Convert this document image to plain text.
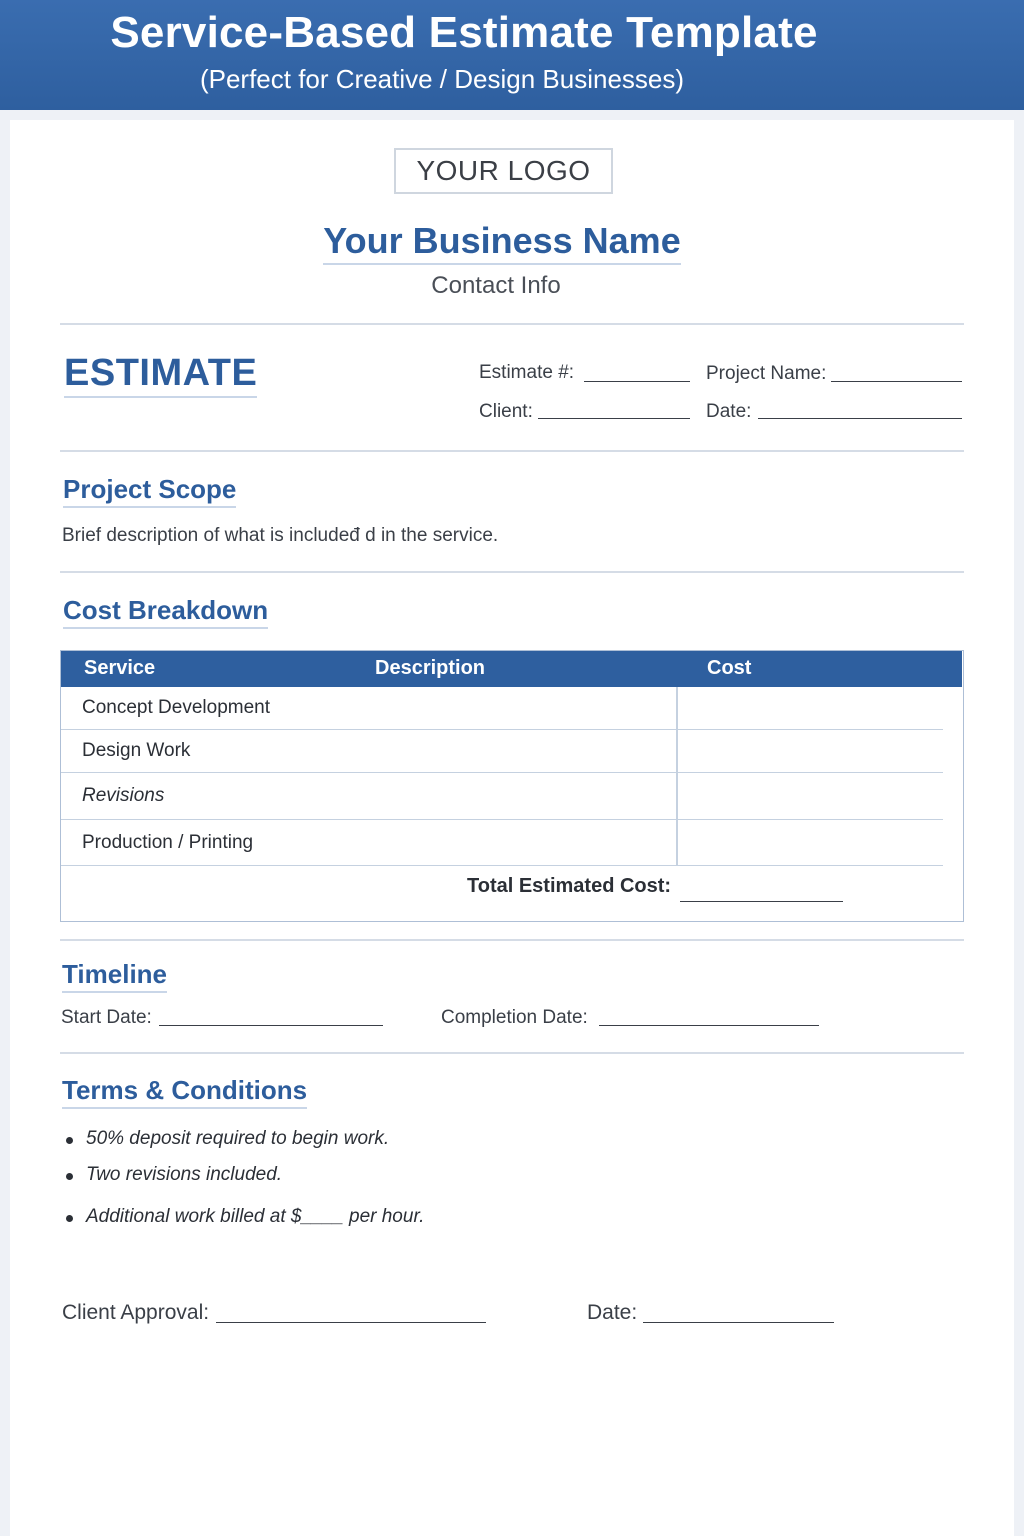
Service-Based Estimate Template
(Perfect for Creative / Design Businesses)
YOUR LOGO
Your Business Name
Contact Info
ESTIMATE	Estimate #:	Project Name:
Client:	Date:
Project Scope
Brief description of what is includeđ d in the service.
Cost Breakdown
Service	Description	Cost
Concept Development
Design Work
Revisions
Production / Printing
Total Estimated Cost:
Timeline
Start Date:	Completion Date:
Terms & Conditions
50% deposit required to begin work.
Two revisions included.
Additional work billed at $____ per hour.
Client Approval:	Date:
